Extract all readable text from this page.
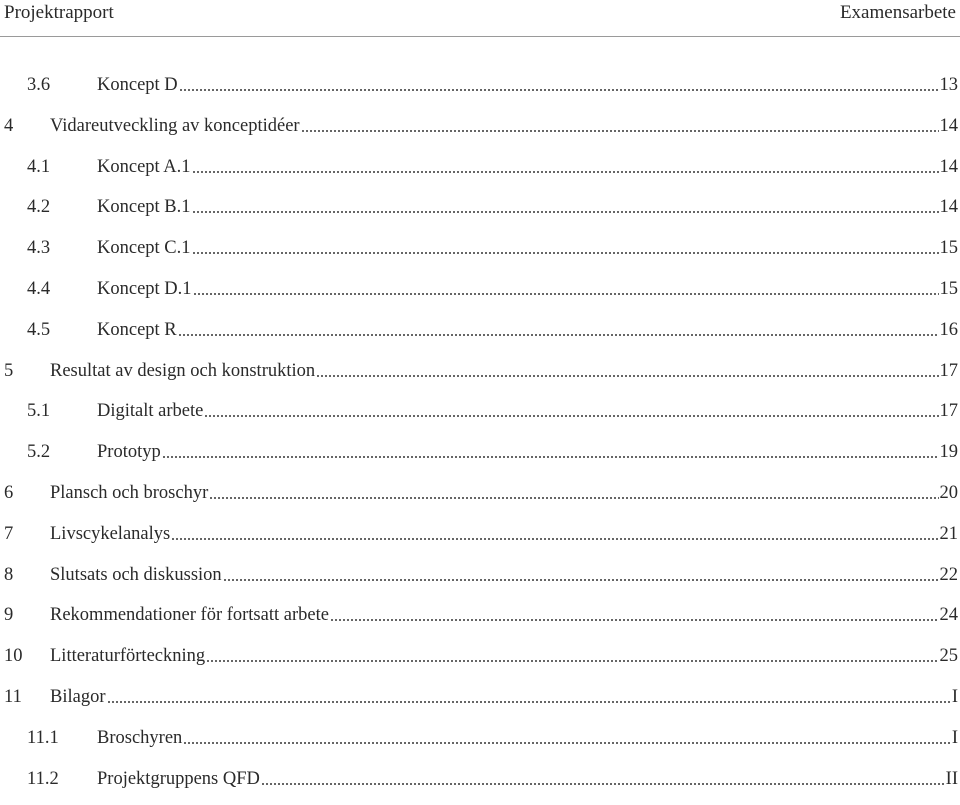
Projektrapport	Examensarbete
3.6	Koncept D	13
4	Vidareutveckling av konceptidéer	14
4.1	Koncept A.1	14
4.2	Koncept B.1	14
4.3	Koncept C.1	15
4.4	Koncept D.1	15
4.5	Koncept R	16
5	Resultat av design och konstruktion	17
5.1	Digitalt arbete	17
5.2	Prototyp	19
6	Plansch och broschyr	20
7	Livscykelanalys	21
8	Slutsats och diskussion	22
9	Rekommendationer för fortsatt arbete	24
10	Litteraturförteckning	25
11	Bilagor	I
11.1	Broschyren	I
11.2	Projektgruppens QFD	II
